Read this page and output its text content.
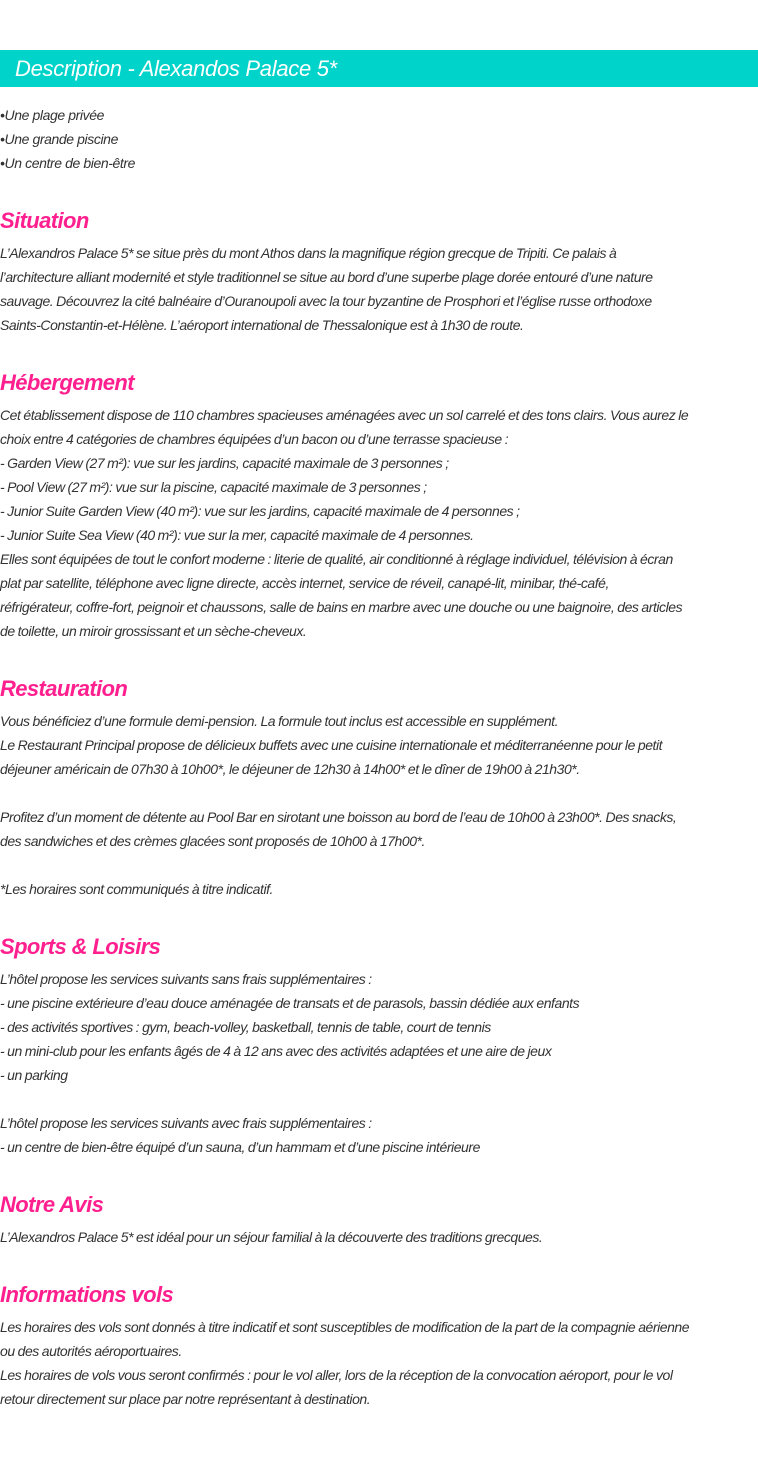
Description - Alexandos Palace 5*
• Une plage privée
• Une grande piscine
• Un centre de bien-être
Situation

L’Alexandros Palace 5* se situe près du mont Athos dans la magnifique région grecque de Tripiti. Ce palais à

l’architecture alliant modernité et style traditionnel se situe au bord d’une superbe plage dorée entouré d’une nature

sauvage. Découvrez la cité balnéaire d’Ouranoupoli avec la tour byzantine de Prosphori et l’église russe orthodoxe

Saints-Constantin-et-Hélène. L’aéroport international de Thessalonique est à 1h30 de route.

Hébergement

Cet établissement dispose de 110 chambres spacieuses aménagées avec un sol carrelé et des tons clairs. Vous aurez le

choix entre 4 catégories de chambres équipées d’un bacon ou d’une terrasse spacieuse :

- Garden View (27 m²): vue sur les jardins, capacité maximale de 3 personnes ;

- Pool View (27 m²): vue sur la piscine, capacité maximale de 3 personnes ;

- Junior Suite Garden View (40 m²): vue sur les jardins, capacité maximale de 4 personnes ;

- Junior Suite Sea View (40 m²): vue sur la mer, capacité maximale de 4 personnes.

Elles sont équipées de tout le confort moderne : literie de qualité, air conditionné à réglage individuel, télévision à écran

plat par satellite, téléphone avec ligne directe, accès internet, service de réveil, canapé-lit, minibar, thé-café,

réfrigérateur, coffre-fort, peignoir et chaussons, salle de bains en marbre avec une douche ou une baignoire, des articles

de toilette, un miroir grossissant et un sèche-cheveux.

Restauration

Vous bénéficiez d’une formule demi-pension. La formule tout inclus est accessible en supplément.

Le Restaurant Principal propose de délicieux buffets avec une cuisine internationale et méditerranéenne pour le petit

déjeuner américain de 07h30 à 10h00*, le déjeuner de 12h30 à 14h00* et le dîner de 19h00 à 21h30*.

Profitez d’un moment de détente au Pool Bar en sirotant une boisson au bord de l’eau de 10h00 à 23h00*. Des snacks,

des sandwiches et des crèmes glacées sont proposés de 10h00 à 17h00*.

*Les horaires sont communiqués à titre indicatif.

Sports & Loisirs

L’hôtel propose les services suivants sans frais supplémentaires :

- une piscine extérieure d’eau douce aménagée de transats et de parasols, bassin dédiée aux enfants

- des activités sportives : gym, beach-volley, basketball, tennis de table, court de tennis

- un mini-club pour les enfants âgés de 4 à 12 ans avec des activités adaptées et une aire de jeux

- un parking

L’hôtel propose les services suivants avec frais supplémentaires :

- un centre de bien-être équipé d’un sauna, d’un hammam et d’une piscine intérieure

Notre Avis

L’Alexandros Palace 5* est idéal pour un séjour familial à la découverte des traditions grecques.

Informations vols

Les horaires des vols sont donnés à titre indicatif et sont susceptibles de modification de la part de la compagnie aérienne

ou des autorités aéroportuaires.

Les horaires de vols vous seront confirmés : pour le vol aller, lors de la réception de la convocation aéroport, pour le vol

retour directement sur place par notre représentant à destination.
